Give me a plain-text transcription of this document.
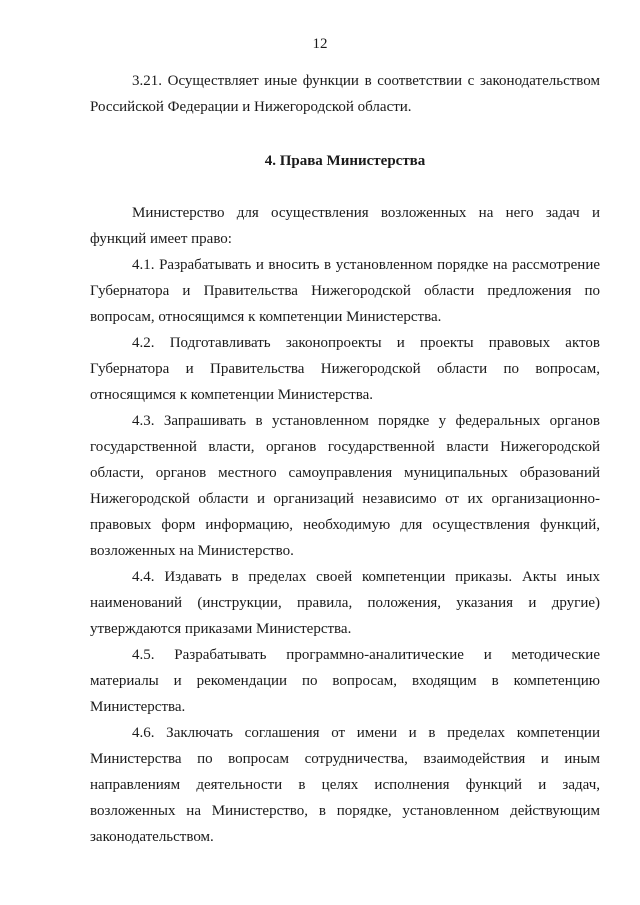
12

3.21. Осуществляет иные функции в соответствии с законодательством Российской Федерации и Нижегородской области.

4. Права Министерства

Министерство для осуществления возложенных на него задач и функций имеет право:

4.1. Разрабатывать и вносить в установленном порядке на рассмотрение Губернатора и Правительства Нижегородской области предложения по вопросам, относящимся к компетенции Министерства.

4.2. Подготавливать законопроекты и проекты правовых актов Губернатора и Правительства Нижегородской области по вопросам, относящимся к компетенции Министерства.

4.3. Запрашивать в установленном порядке у федеральных органов государственной власти, органов государственной власти Нижегородской области, органов местного самоуправления муниципальных образований Нижегородской области и организаций независимо от их организационно-правовых форм информацию, необходимую для осуществления функций, возложенных на Министерство.

4.4. Издавать в пределах своей компетенции приказы. Акты иных наименований (инструкции, правила, положения, указания и другие) утверждаются приказами Министерства.

4.5. Разрабатывать программно-аналитические и методические материалы и рекомендации по вопросам, входящим в компетенцию Министерства.

4.6. Заключать соглашения от имени и в пределах компетенции Министерства по вопросам сотрудничества, взаимодействия и иным направлениям деятельности в целях исполнения функций и задач, возложенных на Министерство, в порядке, установленном действующим законодательством.
